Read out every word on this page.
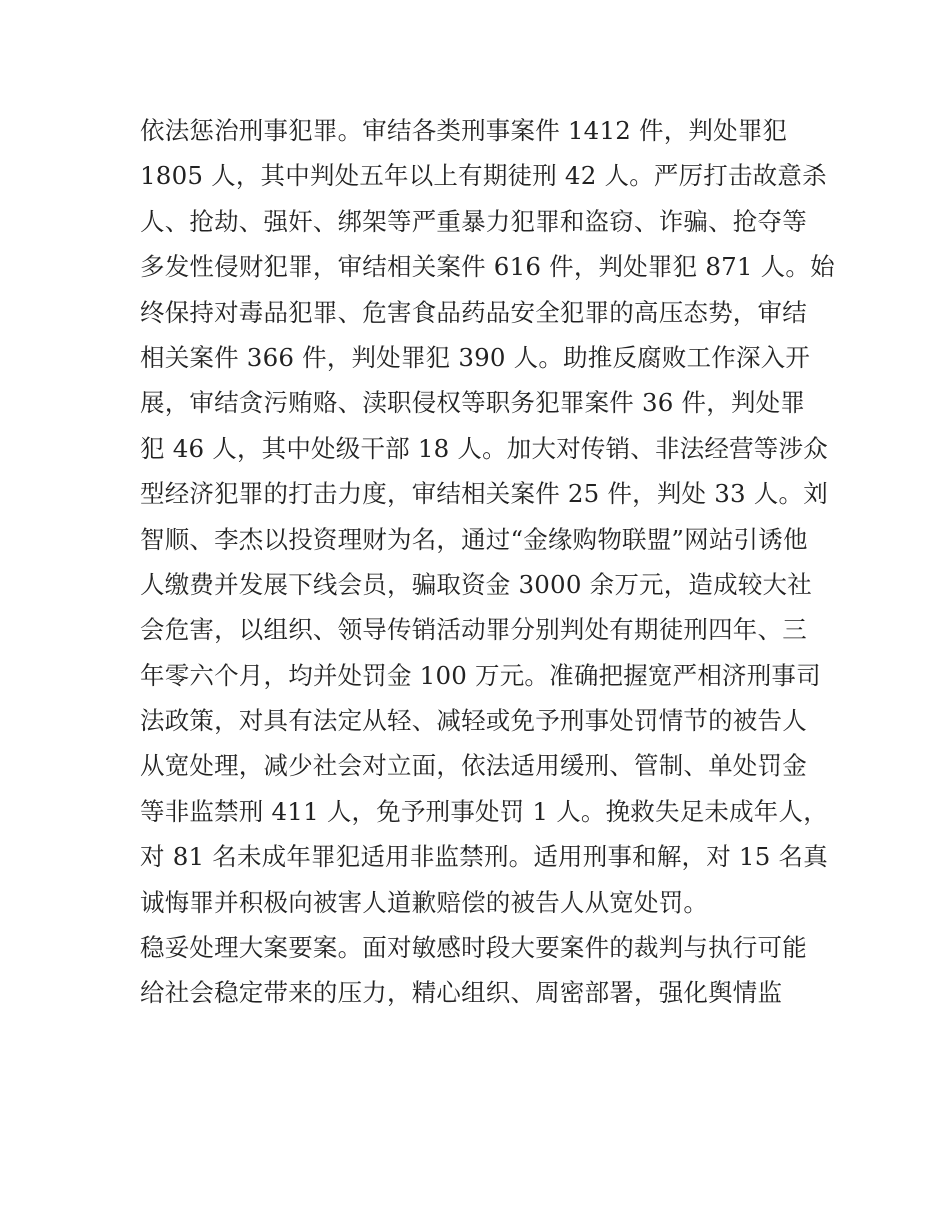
依法惩治刑事犯罪。审结各类刑事案件 1412 件，判处罪犯
1805 人，其中判处五年以上有期徒刑 42 人。严厉打击故意杀
人、抢劫、强奸、绑架等严重暴力犯罪和盗窃、诈骗、抢夺等
多发性侵财犯罪，审结相关案件 616 件，判处罪犯 871 人。始
终保持对毒品犯罪、危害食品药品安全犯罪的高压态势，审结
相关案件 366 件，判处罪犯 390 人。助推反腐败工作深入开
展，审结贪污贿赂、渎职侵权等职务犯罪案件 36 件，判处罪
犯 46 人，其中处级干部 18 人。加大对传销、非法经营等涉众
型经济犯罪的打击力度，审结相关案件 25 件，判处 33 人。刘
智顺、李杰以投资理财为名，通过“金缘购物联盟”网站引诱他
人缴费并发展下线会员，骗取资金 3000 余万元，造成较大社
会危害，以组织、领导传销活动罪分别判处有期徒刑四年、三
年零六个月，均并处罚金 100 万元。准确把握宽严相济刑事司
法政策，对具有法定从轻、减轻或免予刑事处罚情节的被告人
从宽处理，减少社会对立面，依法适用缓刑、管制、单处罚金
等非监禁刑 411 人，免予刑事处罚 1 人。挽救失足未成年人，
对 81 名未成年罪犯适用非监禁刑。适用刑事和解，对 15 名真
诚悔罪并积极向被害人道歉赔偿的被告人从宽处罚。
稳妥处理大案要案。面对敏感时段大要案件的裁判与执行可能
给社会稳定带来的压力，精心组织、周密部署，强化舆情监
